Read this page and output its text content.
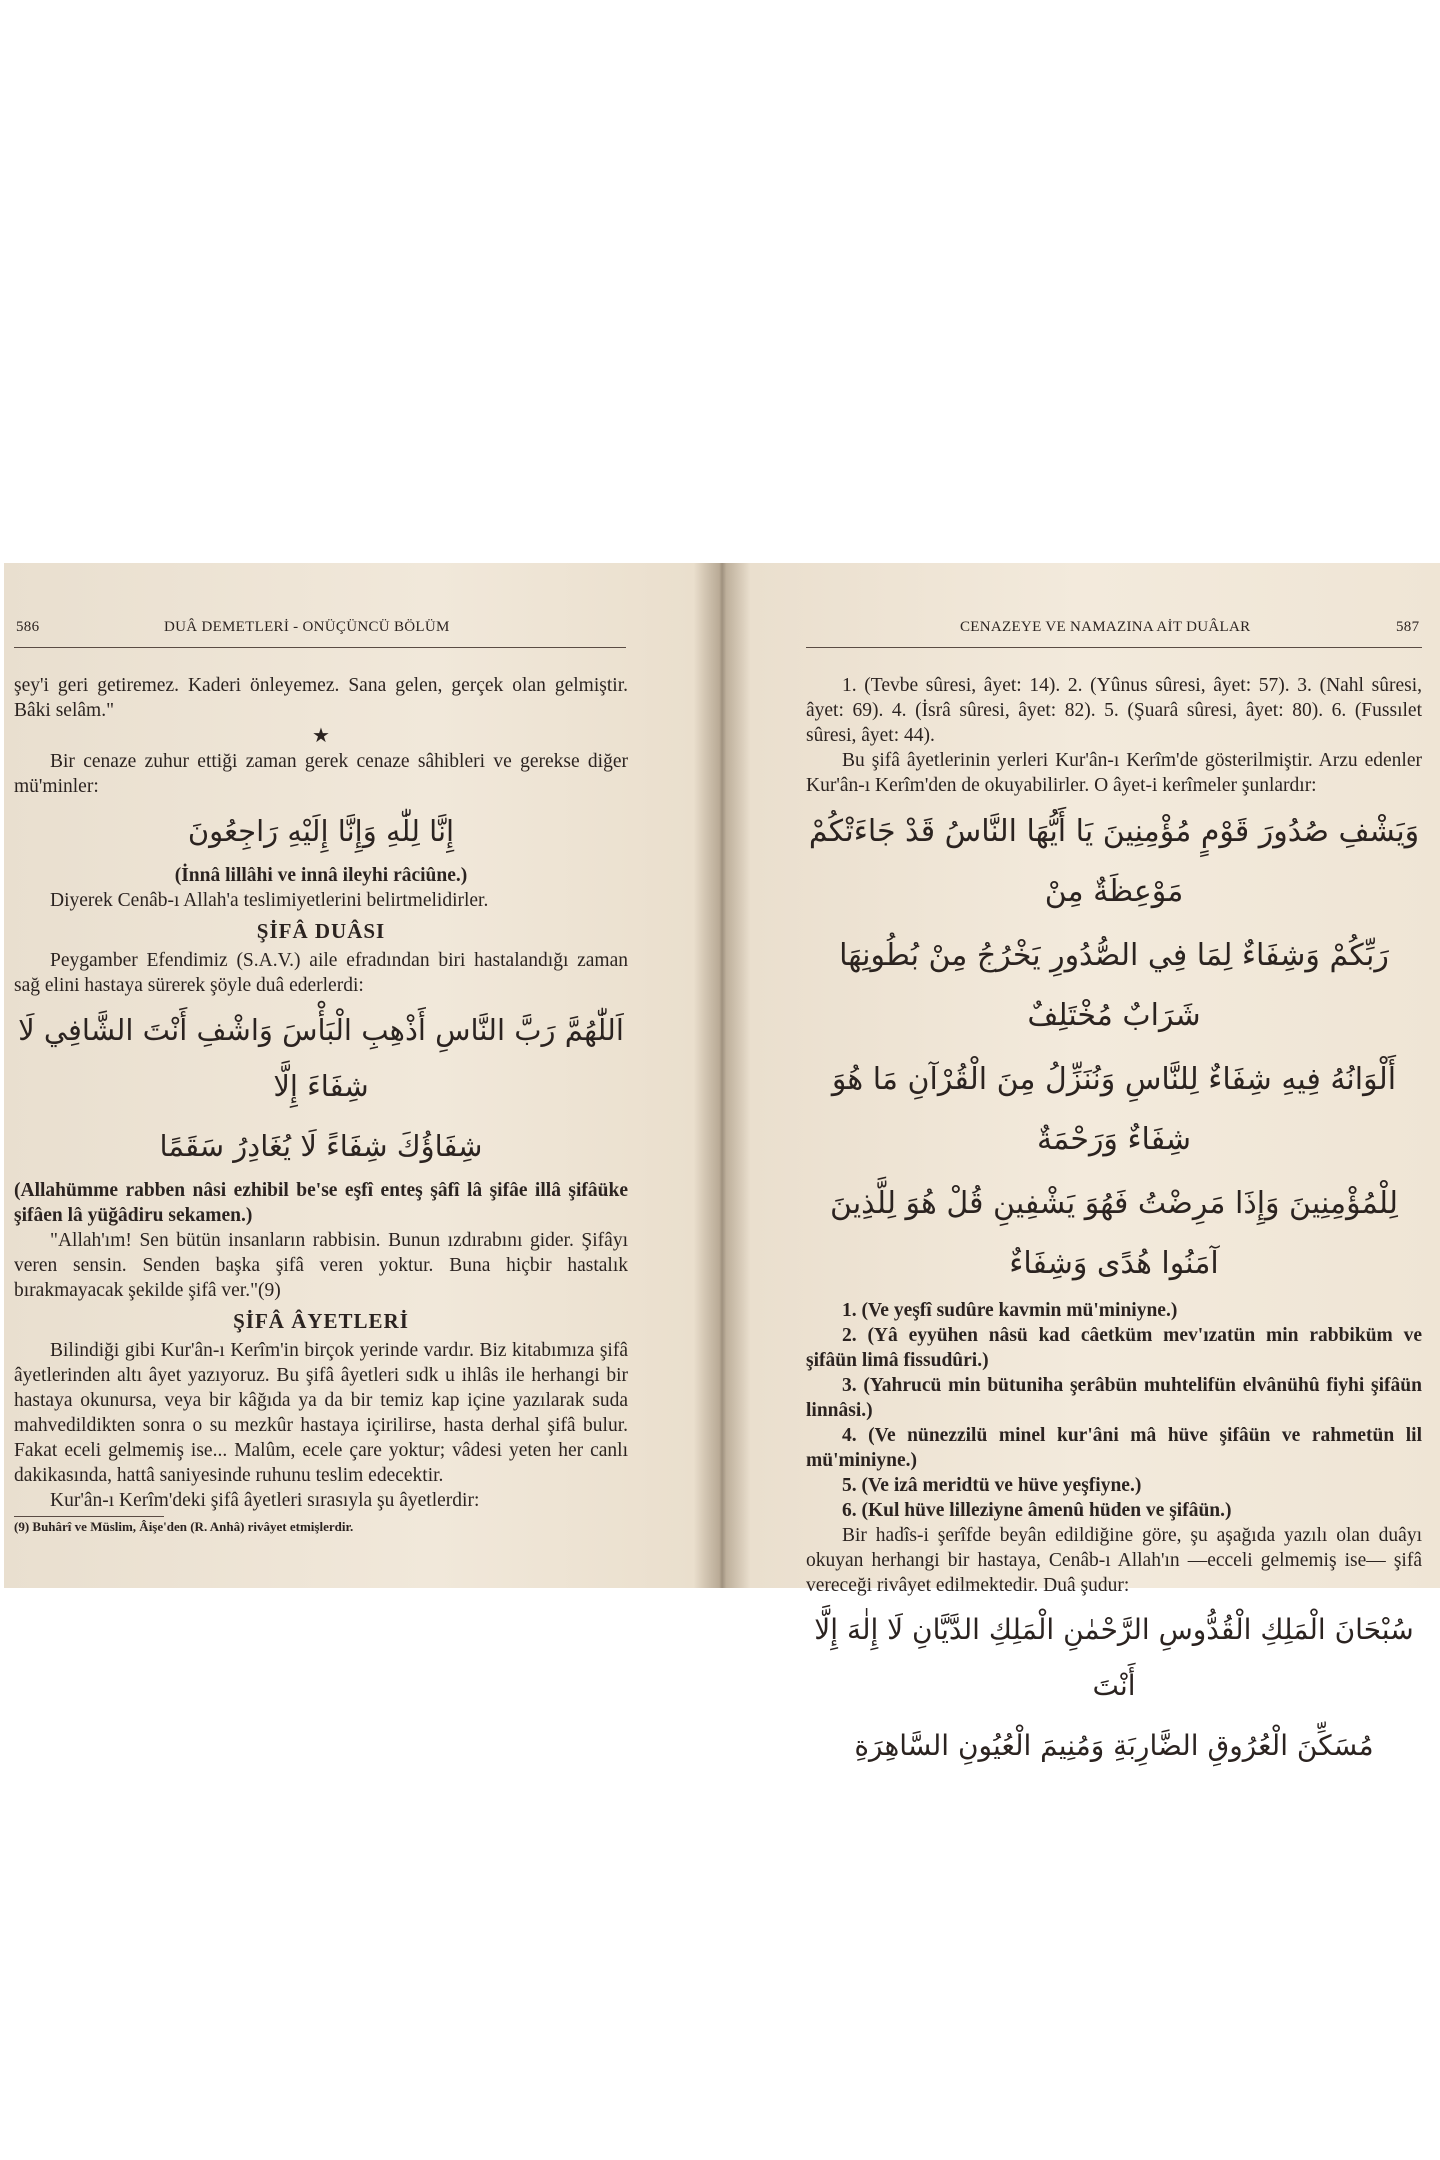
586	DUÂ DEMETLERİ - ONÜÇÜNCÜ BÖLÜM

şey'i geri getiremez. Kaderi önleyemez. Sana gelen, gerçek olan gelmiştir. Bâki selâm."

★

Bir cenaze zuhur ettiği zaman gerek cenaze sâhibleri ve gerekse diğer mü'minler:

إِنَّا لِلّٰهِ وَإِنَّا إِلَيْهِ رَاجِعُونَ

(İnnâ lillâhi ve innâ ileyhi râciûne.)

Diyerek Cenâb-ı Allah'a teslimiyetlerini belirtmelidirler.

ŞİFÂ DUÂSI

Peygamber Efendimiz (S.A.V.) aile efradından biri hastalandığı zaman sağ elini hastaya sürerek şöyle duâ ederlerdi:

اَللّٰهُمَّ رَبَّ النَّاسِ أَذْهِبِ الْبَأْسَ وَاشْفِ أَنْتَ الشَّافِي لَا شِفَاءَ إِلَّا

شِفَاؤُكَ شِفَاءً لَا يُغَادِرُ سَقَمًا

(Allahümme rabben nâsi ezhibil be'se eşfî enteş şâfî lâ şifâe illâ şifâüke şifâen lâ yüğâdiru sekamen.)

"Allah'ım! Sen bütün insanların rabbisin. Bunun ızdırabını gider. Şifâyı veren sensin. Senden başka şifâ veren yoktur. Buna hiçbir hastalık bırakmayacak şekilde şifâ ver."(9)

ŞİFÂ ÂYETLERİ

Bilindiği gibi Kur'ân-ı Kerîm'in birçok yerinde vardır. Biz kitabımıza şifâ âyetlerinden altı âyet yazıyoruz. Bu şifâ âyetleri sıdk u ihlâs ile herhangi bir hastaya okunursa, veya bir kâğıda ya da bir temiz kap içine yazılarak suda mahvedildikten sonra o su mezkûr hastaya içirilirse, hasta derhal şifâ bulur. Fakat eceli gelmemiş ise... Malûm, ecele çare yoktur; vâdesi yeten her canlı dakikasında, hattâ saniyesinde ruhunu teslim edecektir.

Kur'ân-ı Kerîm'deki şifâ âyetleri sırasıyla şu âyetlerdir:

(9) Buhârî ve Müslim, Âişe'den (R. Anhâ) rivâyet etmişlerdir.

CENAZEYE VE NAMAZINA AİT DUÂLAR	587

1. (Tevbe sûresi, âyet: 14). 2. (Yûnus sûresi, âyet: 57). 3. (Nahl sûresi, âyet: 69). 4. (İsrâ sûresi, âyet: 82). 5. (Şuarâ sûresi, âyet: 80). 6. (Fussılet sûresi, âyet: 44).

Bu şifâ âyetlerinin yerleri Kur'ân-ı Kerîm'de gösterilmiştir. Arzu edenler Kur'ân-ı Kerîm'den de okuyabilirler. O âyet-i kerîmeler şunlardır:

وَيَشْفِ صُدُورَ قَوْمٍ مُؤْمِنِينَ يَا أَيُّهَا النَّاسُ قَدْ جَاءَتْكُمْ مَوْعِظَةٌ مِنْ

رَبِّكُمْ وَشِفَاءٌ لِمَا فِي الصُّدُورِ يَخْرُجُ مِنْ بُطُونِهَا شَرَابٌ مُخْتَلِفٌ

أَلْوَانُهُ فِيهِ شِفَاءٌ لِلنَّاسِ وَنُنَزِّلُ مِنَ الْقُرْآنِ مَا هُوَ شِفَاءٌ وَرَحْمَةٌ

لِلْمُؤْمِنِينَ وَإِذَا مَرِضْتُ فَهُوَ يَشْفِينِ قُلْ هُوَ لِلَّذِينَ آمَنُوا هُدًى وَشِفَاءٌ

1. (Ve yeşfî sudûre kavmin mü'miniyne.)

2. (Yâ eyyühen nâsü kad câetküm mev'ızatün min rabbiküm ve şifâün limâ fissudûri.)

3. (Yahrucü min bütuniha şerâbün muhtelifün elvânühû fiyhi şifâün linnâsi.)

4. (Ve nünezzilü minel kur'âni mâ hüve şifâün ve rahmetün lil mü'miniyne.)

5. (Ve izâ meridtü ve hüve yeşfiyne.)

6. (Kul hüve lilleziyne âmenû hüden ve şifâün.)

Bir hadîs-i şerîfde beyân edildiğine göre, şu aşağıda yazılı olan duâyı okuyan herhangi bir hastaya, Cenâb-ı Allah'ın —ecceli gelmemiş ise— şifâ vereceği rivâyet edilmektedir. Duâ şudur:

سُبْحَانَ الْمَلِكِ الْقُدُّوسِ الرَّحْمٰنِ الْمَلِكِ الدَّيَّانِ لَا إِلٰهَ إِلَّا أَنْتَ

مُسَكِّنَ الْعُرُوقِ الضَّارِبَةِ وَمُنِيمَ الْعُيُونِ السَّاهِرَةِ
